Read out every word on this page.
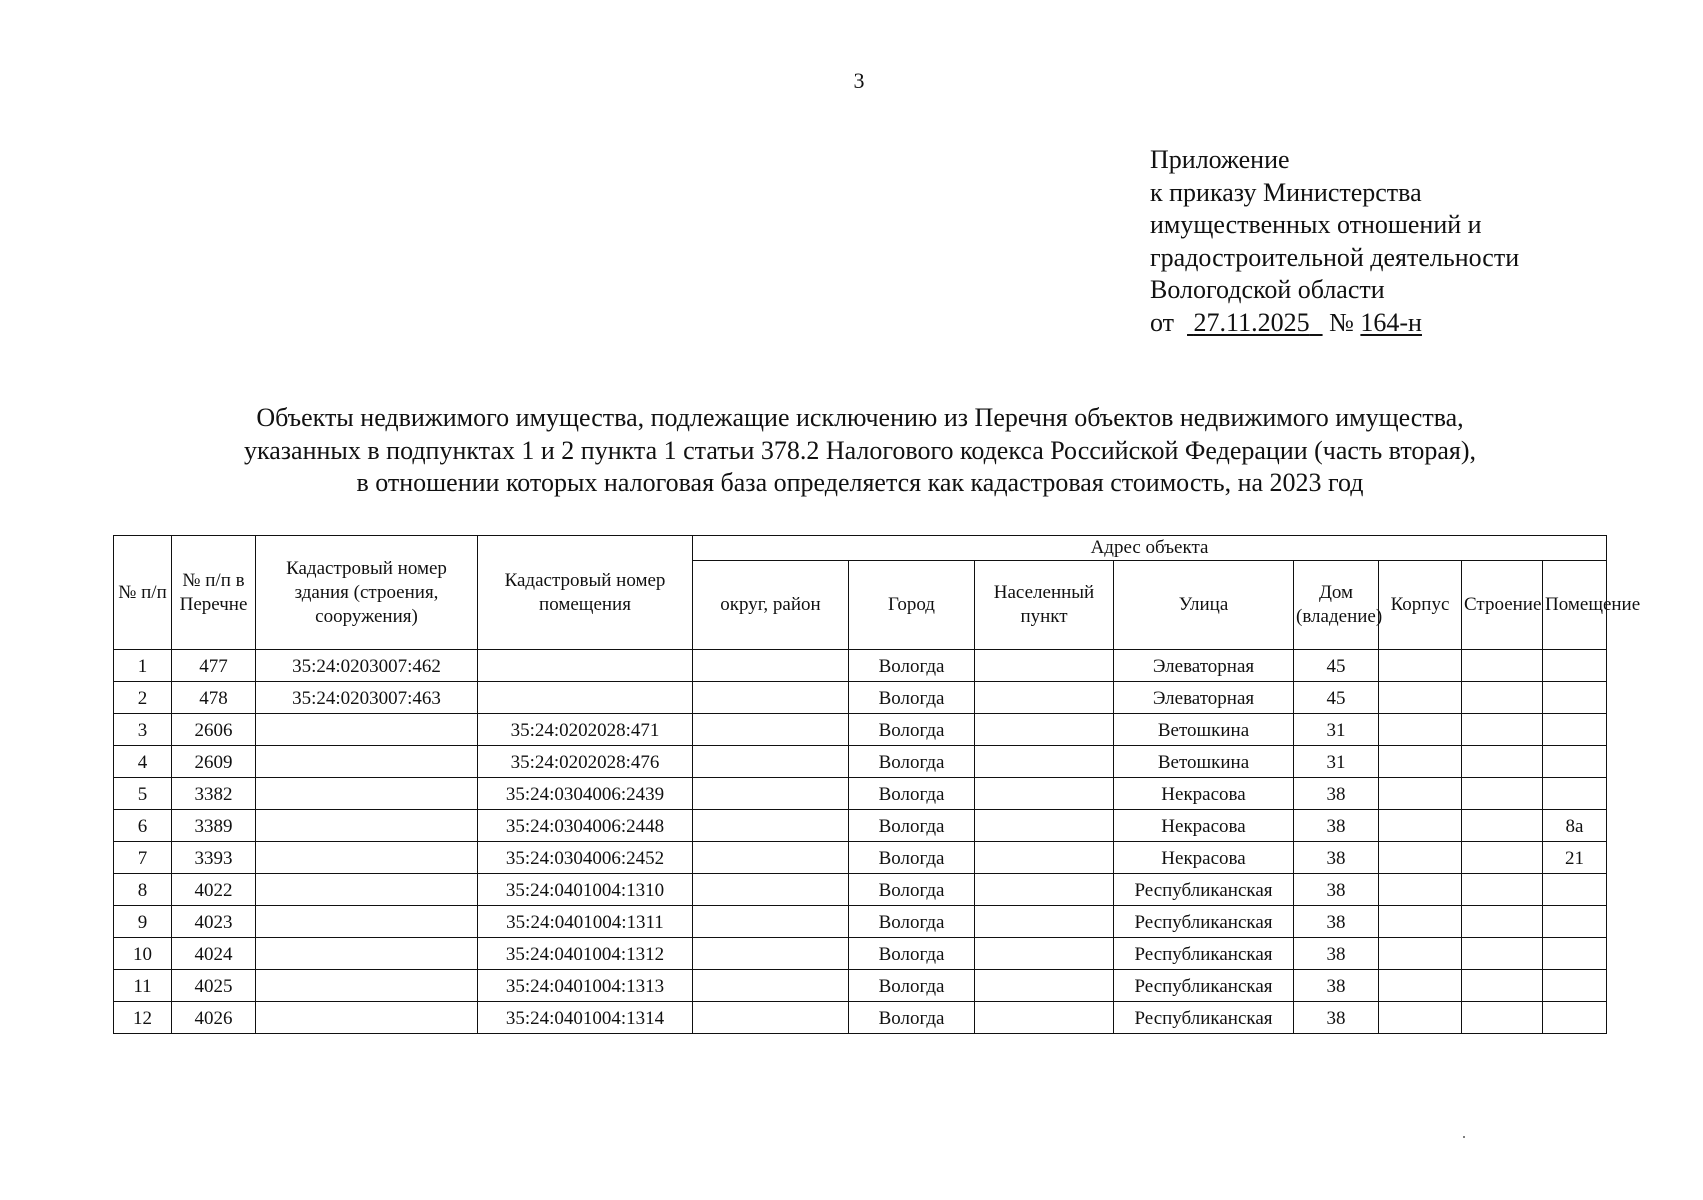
3
Приложение
к приказу Министерства
имущественных отношений и
градостроительной деятельности
Вологодской области
от 27.11.2025 № 164-н
Объекты недвижимого имущества, подлежащие исключению из Перечня объектов недвижимого имущества,
указанных в подпунктах 1 и 2 пункта 1 статьи 378.2 Налогового кодекса Российской Федерации (часть вторая),
в отношении которых налоговая база определяется как кадастровая стоимость, на 2023 год
№ п/п	№ п/п в Перечне	Кадастровый номер здания (строения, сооружения)	Кадастровый номер помещения	Адрес объекта							
				округ, район	Город	Населенный пункт	Улица	Дом (владение)	Корпус	Строение	Помещение
1	477	35:24:0203007:462			Вологда		Элеваторная	45			
2	478	35:24:0203007:463			Вологда		Элеваторная	45			
3	2606		35:24:0202028:471		Вологда		Ветошкина	31			
4	2609		35:24:0202028:476		Вологда		Ветошкина	31			
5	3382		35:24:0304006:2439		Вологда		Некрасова	38			
6	3389		35:24:0304006:2448		Вологда		Некрасова	38			8а
7	3393		35:24:0304006:2452		Вологда		Некрасова	38			21
8	4022		35:24:0401004:1310		Вологда		Республиканская	38			
9	4023		35:24:0401004:1311		Вологда		Республиканская	38			
10	4024		35:24:0401004:1312		Вологда		Республиканская	38			
11	4025		35:24:0401004:1313		Вологда		Республиканская	38			
12	4026		35:24:0401004:1314		Вологда		Республиканская	38			
